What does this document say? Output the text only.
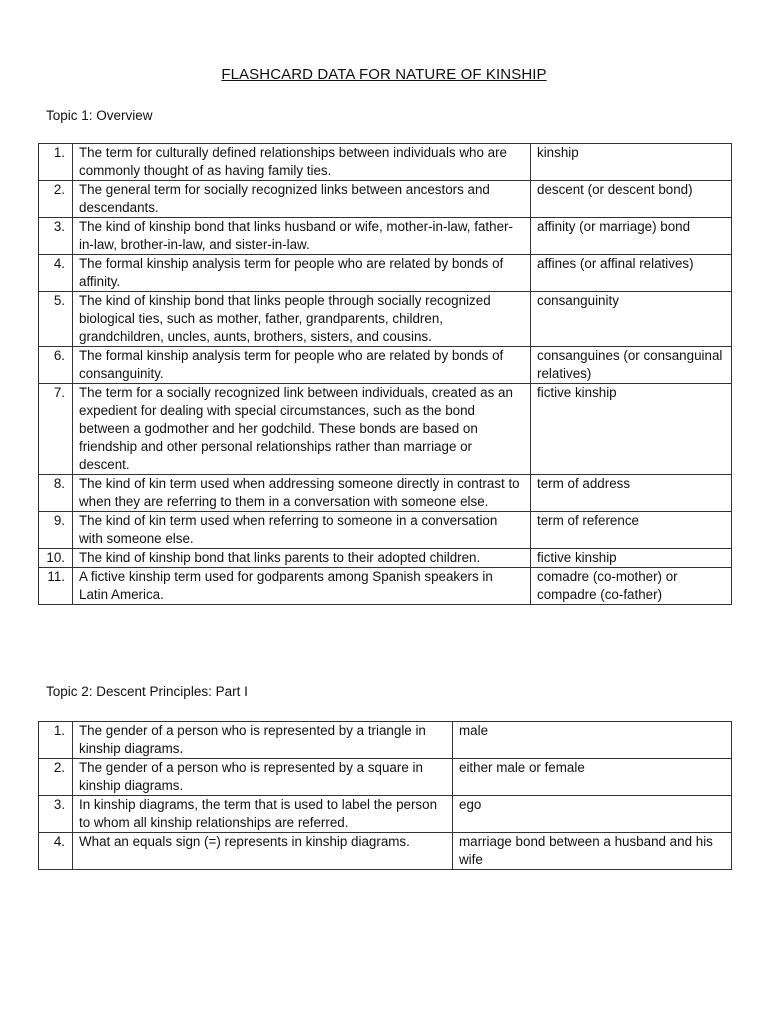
FLASHCARD DATA FOR NATURE OF KINSHIP
Topic 1: Overview
1.	The term for culturally defined relationships between individuals who are commonly thought of as having family ties.	kinship
2.	The general term for socially recognized links between ancestors and descendants.	descent (or descent bond)
3.	The kind of kinship bond that links husband or wife, mother-in-law, father-in-law, brother-in-law, and sister-in-law.	affinity (or marriage) bond
4.	The formal kinship analysis term for people who are related by bonds of affinity.	affines (or affinal relatives)
5.	The kind of kinship bond that links people through socially recognized biological ties, such as mother, father, grandparents, children, grandchildren, uncles, aunts, brothers, sisters, and cousins.	consanguinity
6.	The formal kinship analysis term for people who are related by bonds of consanguinity.	consanguines (or consanguinal relatives)
7.	The term for a socially recognized link between individuals, created as an expedient for dealing with special circumstances, such as the bond between a godmother and her godchild. These bonds are based on friendship and other personal relationships rather than marriage or descent.	fictive kinship
8.	The kind of kin term used when addressing someone directly in contrast to when they are referring to them in a conversation with someone else.	term of address
9.	The kind of kin term used when referring to someone in a conversation with someone else.	term of reference
10.	The kind of kinship bond that links parents to their adopted children.	fictive kinship
11.	A fictive kinship term used for godparents among Spanish speakers in Latin America.	comadre (co-mother) or compadre (co-father)
Topic 2: Descent Principles: Part I
1.	The gender of a person who is represented by a triangle in kinship diagrams.	male
2.	The gender of a person who is represented by a square in kinship diagrams.	either male or female
3.	In kinship diagrams, the term that is used to label the person to whom all kinship relationships are referred.	ego
4.	What an equals sign (=) represents in kinship diagrams.	marriage bond between a husband and his wife
